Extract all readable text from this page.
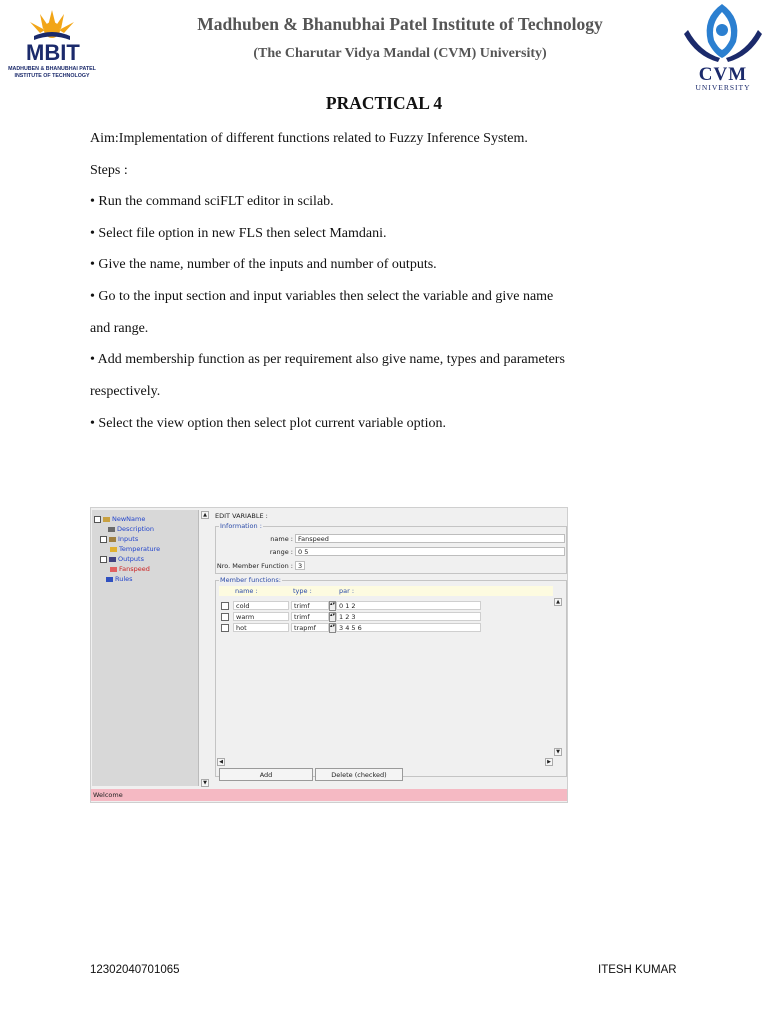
MBIT
MADHUBEN & BHANUBHAI PATEL INSTITUTE OF TECHNOLOGY
Madhuben & Bhanubhai Patel Institute of Technology
(The Charutar Vidya Mandal (CVM) University)
CVM
UNIVERSITY
PRACTICAL 4
Aim:Implementation of different functions related to Fuzzy Inference System.
Steps :
• Run the command sciFLT editor in scilab.
• Select file option in new FLS then select Mamdani.
• Give the name, number of the inputs and number of outputs.
• Go to the input section and input variables then select the variable and give name
and range.
• Add membership function as per requirement also give name, types and parameters
respectively.
• Select the view option then select plot current variable option.
NewName
Description
Inputs
Temperature
Outputs
Fanspeed
Rules
▲
▼
EDIT VARIABLE :
Information :
name : Fanspeed
range : 0 5
Nro. Member Function : 3
Member functions:
name :	type :	par :
cold	trimf	▴▾ 0 1 2
warm	trimf	▴▾ 1 2 3
hot	trapmf	▴▾ 3 4 5 6
▲
▼
◀	▶
Add	Delete (checked)
Welcome
12302040701065	ITESH KUMAR
